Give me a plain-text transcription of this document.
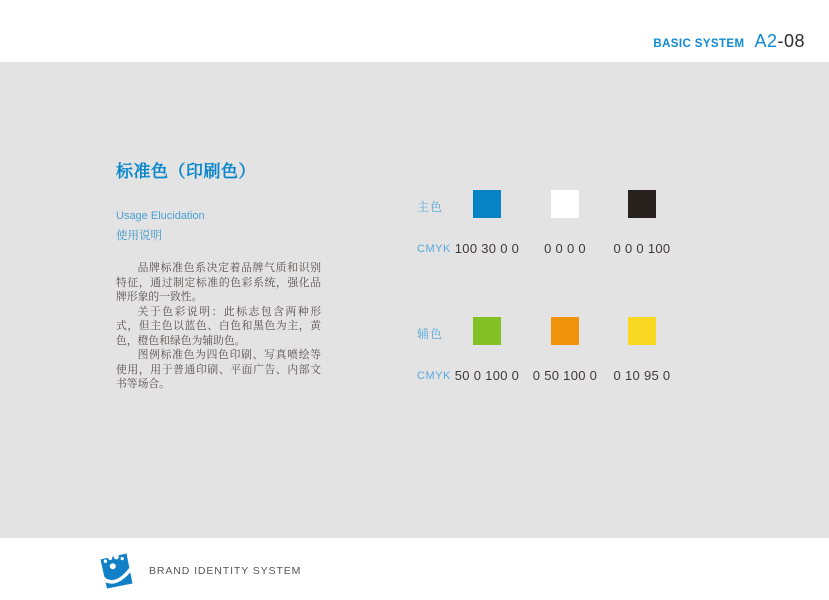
BASIC SYSTEM A2 -08
标准色（印刷色）
Usage Elucidation
使用说明

品牌标准色系决定着品牌气质和识别特征，通过制定标准的色彩系统，强化品牌形象的一致性。

关于色彩说明：此标志包含两种形式，但主色以蓝色、白色和黑色为主，黄色，橙色和绿色为辅助色。

图例标准色为四色印刷、写真喷绘等使用，用于普通印刷、平面广告、内部文书等场合。

主色
CMYK 100 30 0 0	0 0 0 0	0 0 0 100
辅色
CMYK 50 0 100 0	0 50 100 0	0 10 95 0
BRAND IDENTITY SYSTEM
